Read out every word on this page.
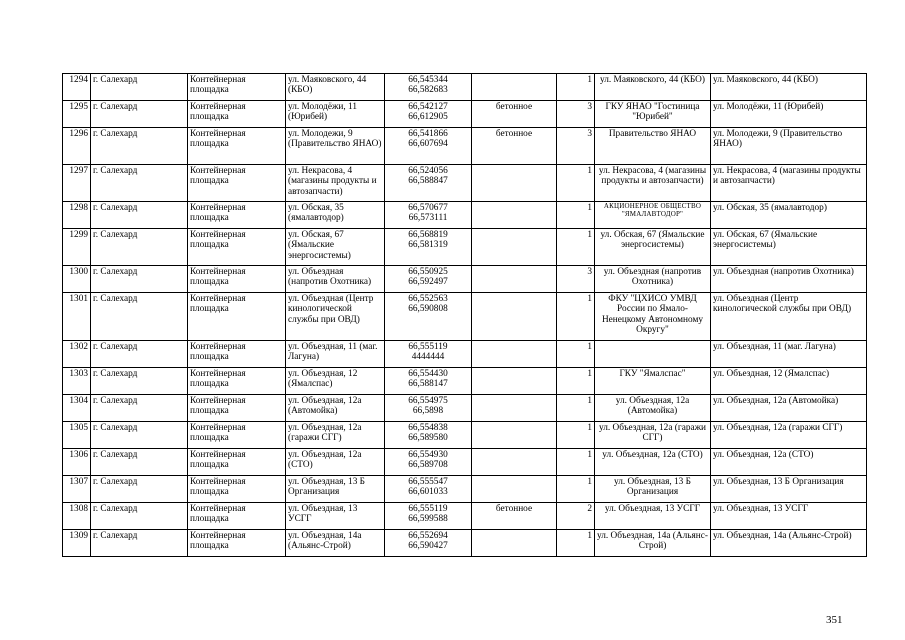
1294	г. Салехард	Контейнерная площадка	ул. Маяковского, 44 (КБО)	66,545344
66,582683		1	ул. Маяковского, 44 (КБО)	ул. Маяковского, 44 (КБО)
1295	г. Салехард	Контейнерная площадка	ул. Молодёжи, 11 (Юрибей)	66,542127
66,612905	бетонное	3	ГКУ ЯНАО "Гостиница "Юрибей"	ул. Молодёжи, 11 (Юрибей)
1296	г. Салехард	Контейнерная площадка	ул. Молодежи, 9 (Правительство ЯНАО)	66,541866
66,607694	бетонное	3	Правительство ЯНАО	ул. Молодежи, 9 (Правительство ЯНАО)
1297	г. Салехард	Контейнерная площадка	ул. Некрасова, 4 (магазины продукты и автозапчасти)	66,524056
66,588847		1	ул. Некрасова, 4 (магазины продукты и автозапчасти)	ул. Некрасова, 4 (магазины продукты и автозапчасти)
1298	г. Салехард	Контейнерная площадка	ул. Обская, 35 (ямалавтодор)	66,570677
66,573111		1	АКЦИОНЕРНОЕ ОБЩЕСТВО "ЯМАЛАВТОДОР"	ул. Обская, 35 (ямалавтодор)
1299	г. Салехард	Контейнерная площадка	ул. Обская, 67 (Ямальские энергосистемы)	66,568819
66,581319		1	ул. Обская, 67 (Ямальские энергосистемы)	ул. Обская, 67 (Ямальские энергосистемы)
1300	г. Салехард	Контейнерная площадка	ул. Объездная (напротив Охотника)	66,550925
66,592497		3	ул. Объездная (напротив Охотника)	ул. Объездная (напротив Охотника)
1301	г. Салехард	Контейнерная площадка	ул. Объездная (Центр кинологической службы при ОВД)	66,552563
66,590808		1	ФКУ "ЦХИСО УМВД России по Ямало-Ненецкому Автономному Округу"	ул. Объездная (Центр кинологической службы при ОВД)
1302	г. Салехард	Контейнерная площадка	ул. Объездная, 11 (маг. Лагуна)	66,555119
4444444		1		ул. Объездная, 11 (маг. Лагуна)
1303	г. Салехард	Контейнерная площадка	ул. Объездная, 12 (Ямалспас)	66,554430
66,588147		1	ГКУ "Ямалспас"	ул. Объездная, 12 (Ямалспас)
1304	г. Салехард	Контейнерная площадка	ул. Объездная, 12а (Автомойка)	66,554975
66,5898		1	ул. Объездная, 12а (Автомойка)	ул. Объездная, 12а (Автомойка)
1305	г. Салехард	Контейнерная площадка	ул. Объездная, 12а (гаражи СГГ)	66,554838
66,589580		1	ул. Объездная, 12а (гаражи СГГ)	ул. Объездная, 12а (гаражи СГГ)
1306	г. Салехард	Контейнерная площадка	ул. Объездная, 12а (СТО)	66,554930
66,589708		1	ул. Объездная, 12а (СТО)	ул. Объездная, 12а (СТО)
1307	г. Салехард	Контейнерная площадка	ул. Объездная, 13 Б Организация	66,555547
66,601033		1	ул. Объездная, 13 Б Организация	ул. Объездная, 13 Б Организация
1308	г. Салехард	Контейнерная площадка	ул. Объездная, 13 УСГГ	66,555119
66,599588	бетонное	2	ул. Объездная, 13 УСГГ	ул. Объездная, 13 УСГГ
1309	г. Салехард	Контейнерная площадка	ул. Объездная, 14а (Альянс-Строй)	66,552694
66,590427		1	ул. Объездная, 14а (Альянс-Строй)	ул. Объездная, 14а (Альянс-Строй)
351
